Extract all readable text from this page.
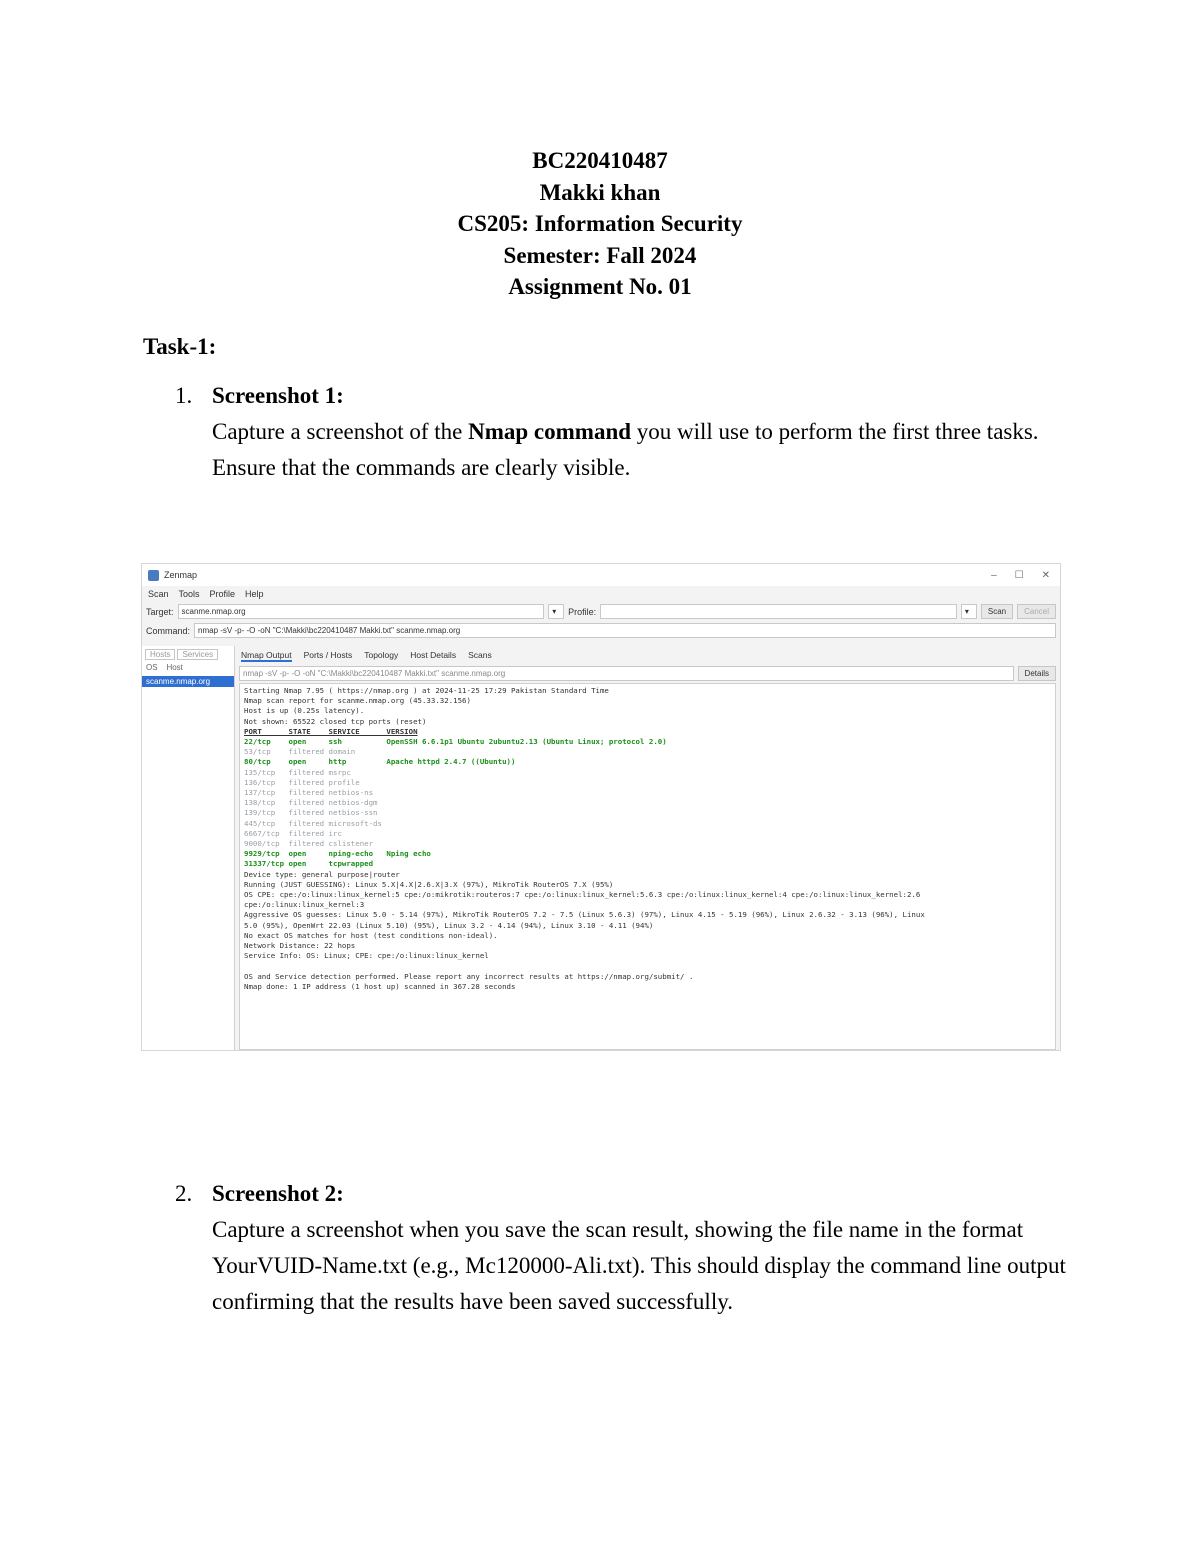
BC220410487
Makki khan
CS205: Information Security
Semester: Fall 2024
Assignment No. 01
Task-1:
1. Screenshot 1:
Capture a screenshot of the Nmap command you will use to perform the first three tasks. Ensure that the commands are clearly visible.
Zenmap	– ☐ ✕
Scan Tools Profile Help
Target:	scanme.nmap.org	▾	Profile:	▾	Scan	Cancel
Command:	nmap -sV -p- -O -oN "C:\Makki\bc220410487 Makki.txt" scanme.nmap.org
Hosts	Services
OS Host
scanme.nmap.org
Nmap Output Ports / Hosts Topology Host Details Scans
nmap -sV -p- -O -oN "C:\Makki\bc220410487 Makki.txt" scanme.nmap.org	Details
Starting Nmap 7.95 ( https://nmap.org ) at 2024-11-25 17:29 Pakistan Standard Time
Nmap scan report for scanme.nmap.org (45.33.32.156)
Host is up (0.25s latency).
Not shown: 65522 closed tcp ports (reset)
PORT      STATE    SERVICE      VERSION
22/tcp    open     ssh          OpenSSH 6.6.1p1 Ubuntu 2ubuntu2.13 (Ubuntu Linux; protocol 2.0)
53/tcp    filtered domain
80/tcp    open     http         Apache httpd 2.4.7 ((Ubuntu))
135/tcp   filtered msrpc
136/tcp   filtered profile
137/tcp   filtered netbios-ns
138/tcp   filtered netbios-dgm
139/tcp   filtered netbios-ssn
445/tcp   filtered microsoft-ds
6667/tcp  filtered irc
9000/tcp  filtered cslistener
9929/tcp  open     nping-echo   Nping echo
31337/tcp open     tcpwrapped
Device type: general purpose|router
Running (JUST GUESSING): Linux 5.X|4.X|2.6.X|3.X (97%), MikroTik RouterOS 7.X (95%)
OS CPE: cpe:/o:linux:linux_kernel:5 cpe:/o:mikrotik:routeros:7 cpe:/o:linux:linux_kernel:5.6.3 cpe:/o:linux:linux_kernel:4 cpe:/o:linux:linux_kernel:2.6
cpe:/o:linux:linux_kernel:3
Aggressive OS guesses: Linux 5.0 - 5.14 (97%), MikroTik RouterOS 7.2 - 7.5 (Linux 5.6.3) (97%), Linux 4.15 - 5.19 (96%), Linux 2.6.32 - 3.13 (96%), Linux
5.0 (95%), OpenWrt 22.03 (Linux 5.10) (95%), Linux 3.2 - 4.14 (94%), Linux 3.10 - 4.11 (94%)
No exact OS matches for host (test conditions non-ideal).
Network Distance: 22 hops
Service Info: OS: Linux; CPE: cpe:/o:linux:linux_kernel

OS and Service detection performed. Please report any incorrect results at https://nmap.org/submit/ .
Nmap done: 1 IP address (1 host up) scanned in 367.28 seconds
2. Screenshot 2:
Capture a screenshot when you save the scan result, showing the file name in the format YourVUID-Name.txt (e.g., Mc120000-Ali.txt). This should display the command line output confirming that the results have been saved successfully.
